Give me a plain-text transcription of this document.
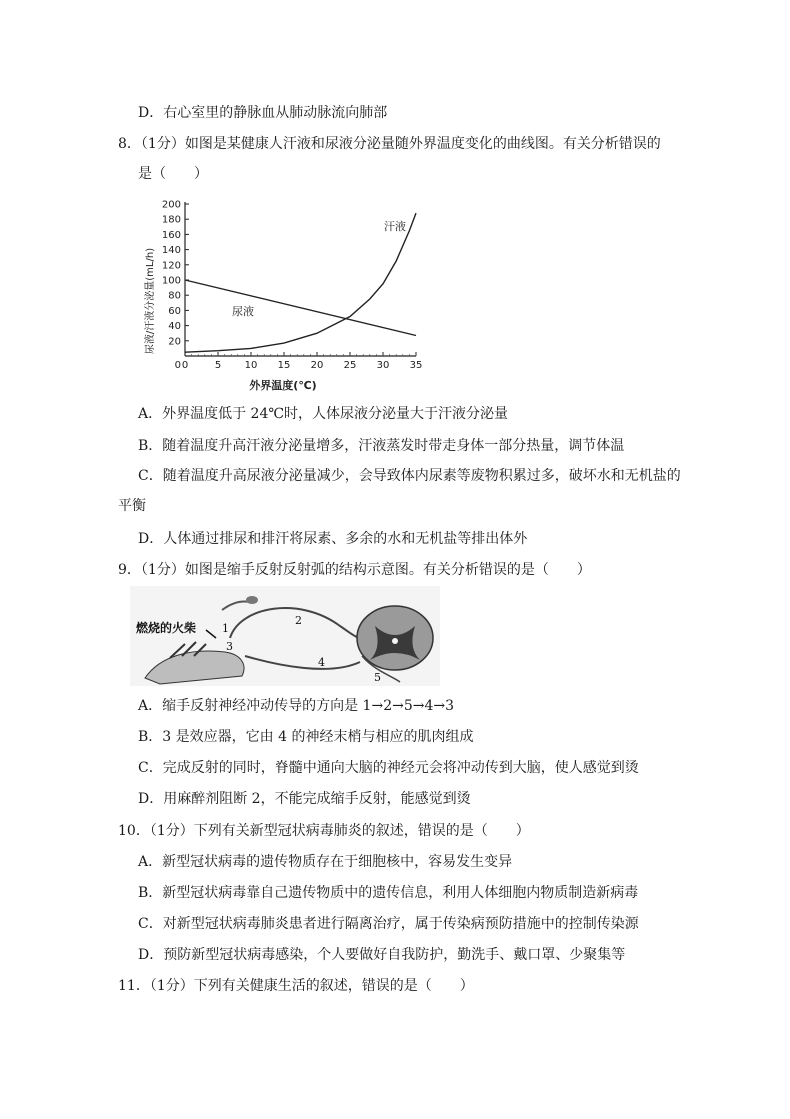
D．右心室里的静脉血从肺动脉流向肺部
8．（1分）如图是某健康人汗液和尿液分泌量随外界温度变化的曲线图。有关分析错误的
是（　　）
0	5 10 15 20 25 30 35
20
40
60
80
100
120
140
160
180
200
0
尿液/汗液分泌量(mL/h)
外界温度(℃)
尿液
汗液
A．外界温度低于 24℃时，人体尿液分泌量大于汗液分泌量
B．随着温度升高汗液分泌量增多，汗液蒸发时带走身体一部分热量，调节体温
C．随着温度升高尿液分泌量减少，会导致体内尿素等废物积累过多，破坏水和无机盐的
平衡
D．人体通过排尿和排汗将尿素、多余的水和无机盐等排出体外
9．（1分）如图是缩手反射反射弧的结构示意图。有关分析错误的是（　　）
燃烧的火柴 1
2
3
4
5
A．缩手反射神经冲动传导的方向是 1→2→5→4→3
B．3 是效应器，它由 4 的神经末梢与相应的肌肉组成
C．完成反射的同时，脊髓中通向大脑的神经元会将冲动传到大脑，使人感觉到烫
D．用麻醉剂阻断 2，不能完成缩手反射，能感觉到烫
10．（1分）下列有关新型冠状病毒肺炎的叙述，错误的是（　　）
A．新型冠状病毒的遗传物质存在于细胞核中，容易发生变异
B．新型冠状病毒靠自己遗传物质中的遗传信息，利用人体细胞内物质制造新病毒
C．对新型冠状病毒肺炎患者进行隔离治疗，属于传染病预防措施中的控制传染源
D．预防新型冠状病毒感染，个人要做好自我防护，勤洗手、戴口罩、少聚集等
11．（1分）下列有关健康生活的叙述，错误的是（　　）
